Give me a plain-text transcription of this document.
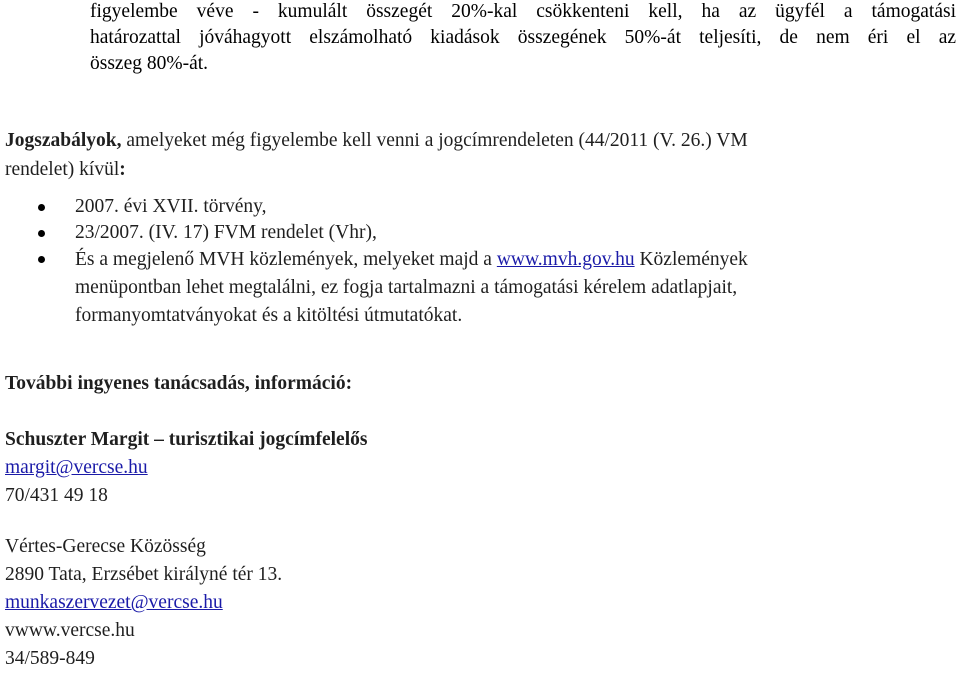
figyelembe véve - kumulált összegét 20%-kal csökkenteni kell, ha az ügyfél a támogatási
határozattal jóváhagyott elszámolható kiadások összegének 50%-át teljesíti, de nem éri el az
összeg 80%-át.
Jogszabályok, amelyeket még figyelembe kell venni a jogcímrendeleten (44/2011 (V. 26.) VM
rendelet) kívül:
2007. évi XVII. törvény,
23/2007. (IV. 17) FVM rendelet (Vhr),
És a megjelenő MVH közlemények, melyeket majd a www.mvh.gov.hu Közlemények
menüpontban lehet megtalálni, ez fogja tartalmazni a támogatási kérelem adatlapjait,
formanyomtatványokat és a kitöltési útmutatókat.
További ingyenes tanácsadás, információ:
Schuszter Margit – turisztikai jogcímfelelős
margit@vercse.hu
70/431 49 18
Vértes-Gerecse Közösség
2890 Tata, Erzsébet királyné tér 13.
munkaszervezet@vercse.hu
vwww.vercse.hu
34/589-849
